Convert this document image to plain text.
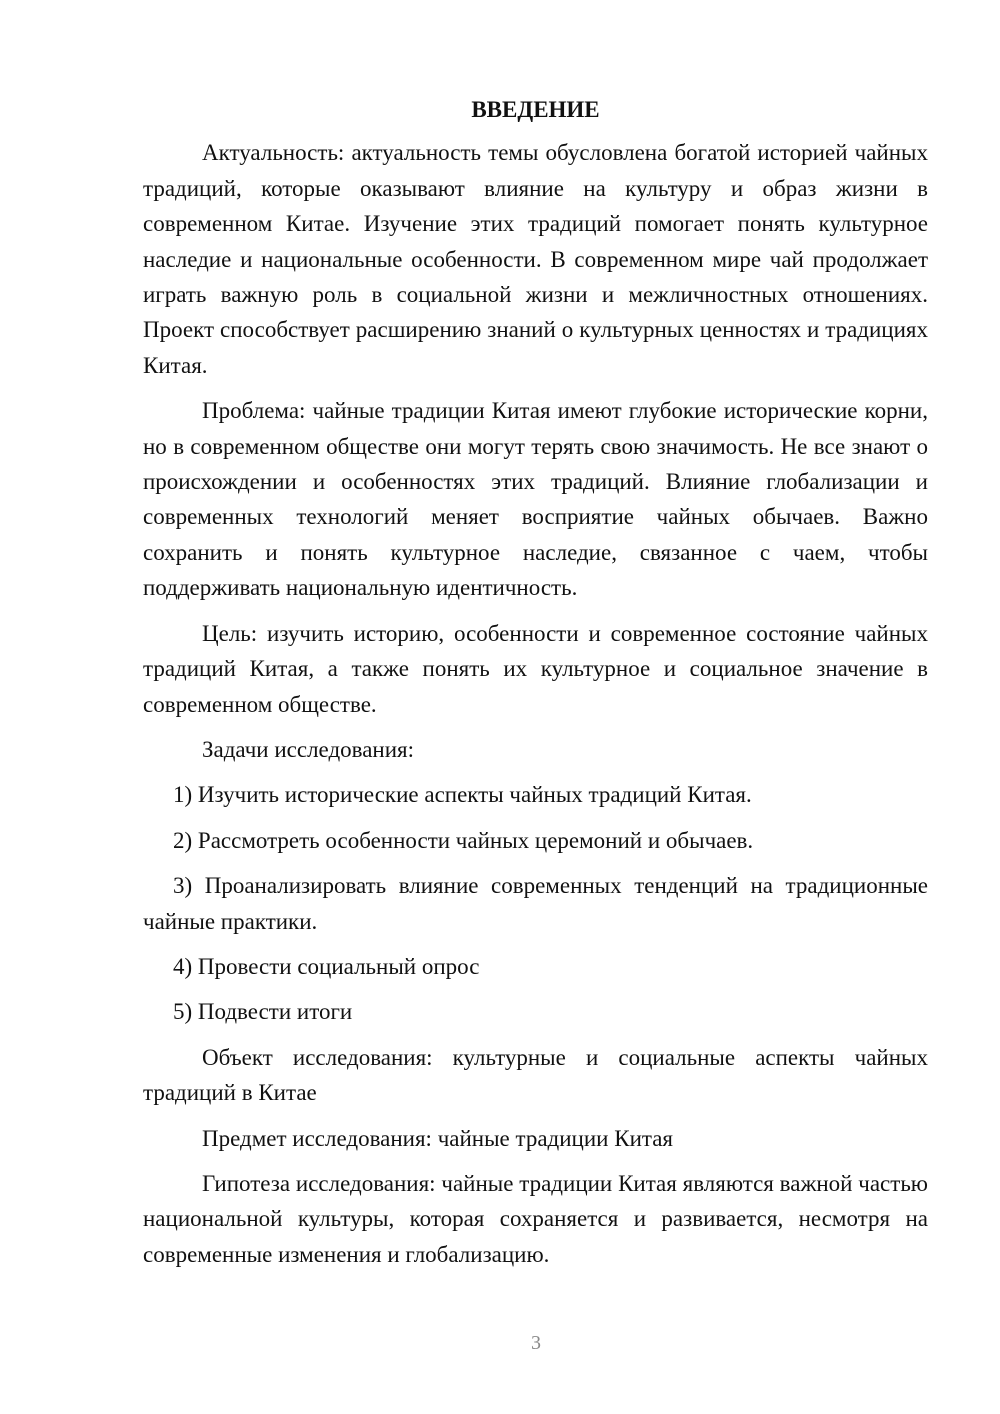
ВВЕДЕНИЕ

Актуальность: актуальность темы обусловлена богатой историей чайных традиций, которые оказывают влияние на культуру и образ жизни в современном Китае. Изучение этих традиций помогает понять культурное наследие и национальные особенности. В современном мире чай продолжает играть важную роль в социальной жизни и межличностных отношениях. Проект способствует расширению знаний о культурных ценностях и традициях Китая.

Проблема: чайные традиции Китая имеют глубокие исторические корни, но в современном обществе они могут терять свою значимость. Не все знают о происхождении и особенностях этих традиций. Влияние глобализации и современных технологий меняет восприятие чайных обычаев. Важно сохранить и понять культурное наследие, связанное с чаем, чтобы поддерживать национальную идентичность.

Цель: изучить историю, особенности и современное состояние чайных традиций Китая, а также понять их культурное и социальное значение в современном обществе.

Задачи исследования:

1) Изучить исторические аспекты чайных традиций Китая.

2) Рассмотреть особенности чайных церемоний и обычаев.

3) Проанализировать влияние современных тенденций на традиционные чайные практики.

4) Провести социальный опрос

5) Подвести итоги

Объект исследования: культурные и социальные аспекты чайных традиций в Китае

Предмет исследования: чайные традиции Китая

Гипотеза исследования: чайные традиции Китая являются важной частью национальной культуры, которая сохраняется и развивается, несмотря на современные изменения и глобализацию.

3
